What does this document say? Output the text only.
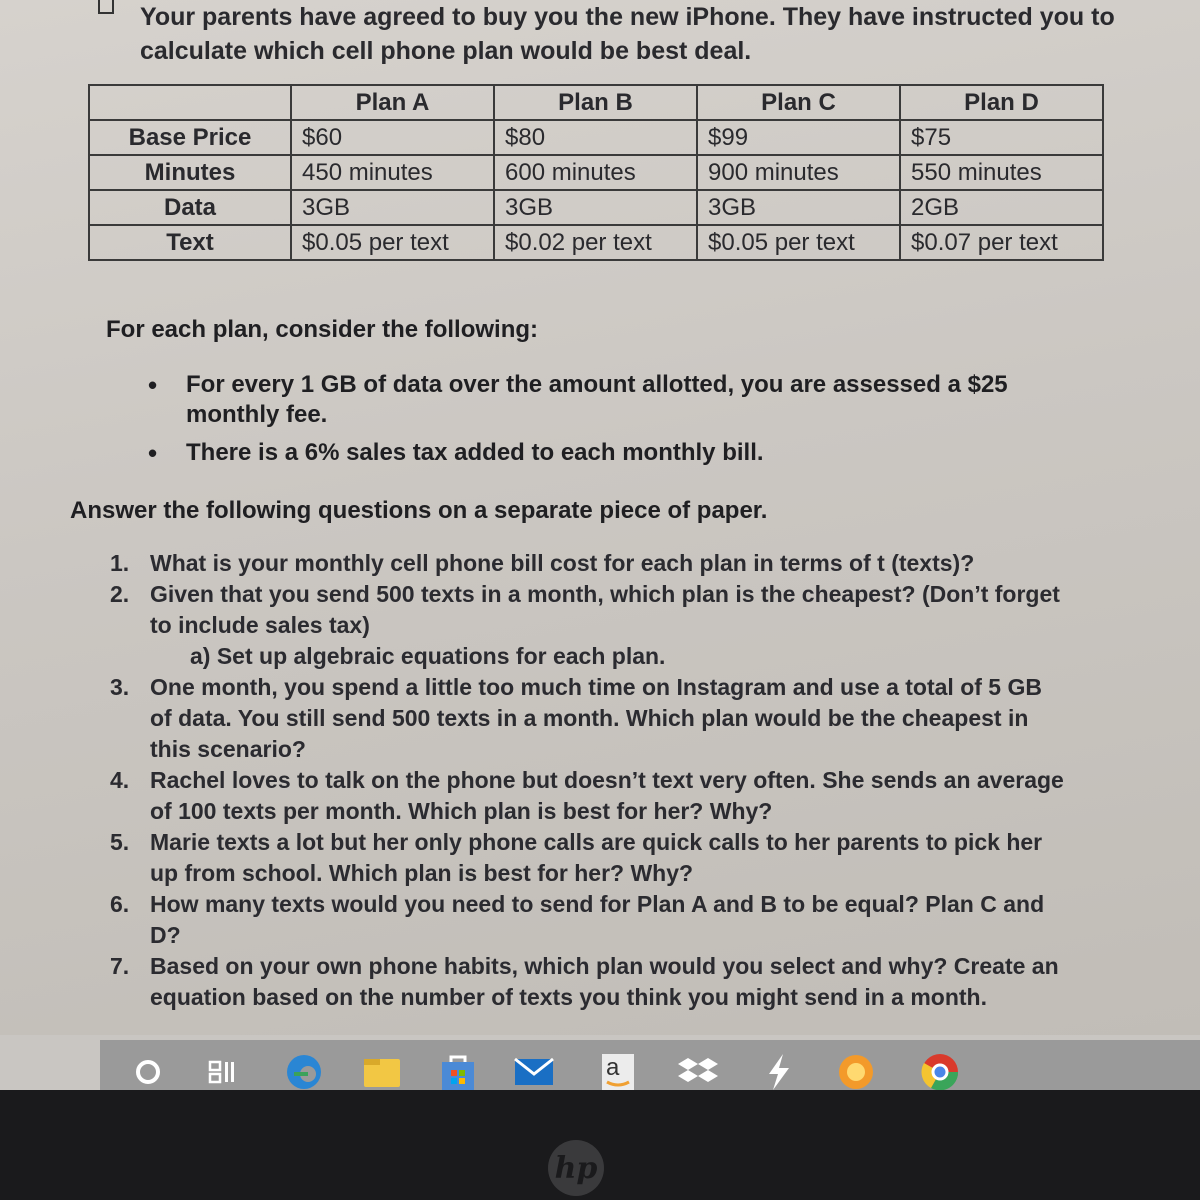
Your parents have agreed to buy you the new iPhone. They have instructed you to
calculate which cell phone plan would be best deal.
	Plan A	Plan B	Plan C	Plan D
Base Price	$60	$80	$99	$75
Minutes	450 minutes	600 minutes	900 minutes	550 minutes
Data	3GB	3GB	3GB	2GB
Text	$0.05 per text	$0.02 per text	$0.05 per text	$0.07 per text
For each plan, consider the following:
• For every 1 GB of data over the amount allotted, you are assessed a $25 monthly fee.
• There is a 6% sales tax added to each monthly bill.
Answer the following questions on a separate piece of paper.
1. What is your monthly cell phone bill cost for each plan in terms of t (texts)?
2. Given that you send 500 texts in a month, which plan is the cheapest? (Don’t forget to include sales tax)
a) Set up algebraic equations for each plan.
3. One month, you spend a little too much time on Instagram and use a total of 5 GB of data. You still send 500 texts in a month. Which plan would be the cheapest in this scenario?
4. Rachel loves to talk on the phone but doesn’t text very often. She sends an average of 100 texts per month. Which plan is best for her? Why?
5. Marie texts a lot but her only phone calls are quick calls to her parents to pick her up from school. Which plan is best for her? Why?
6. How many texts would you need to send for Plan A and B to be equal? Plan C and D?
7. Based on your own phone habits, which plan would you select and why? Create an equation based on the number of texts you think you might send in a month.
a
hp
